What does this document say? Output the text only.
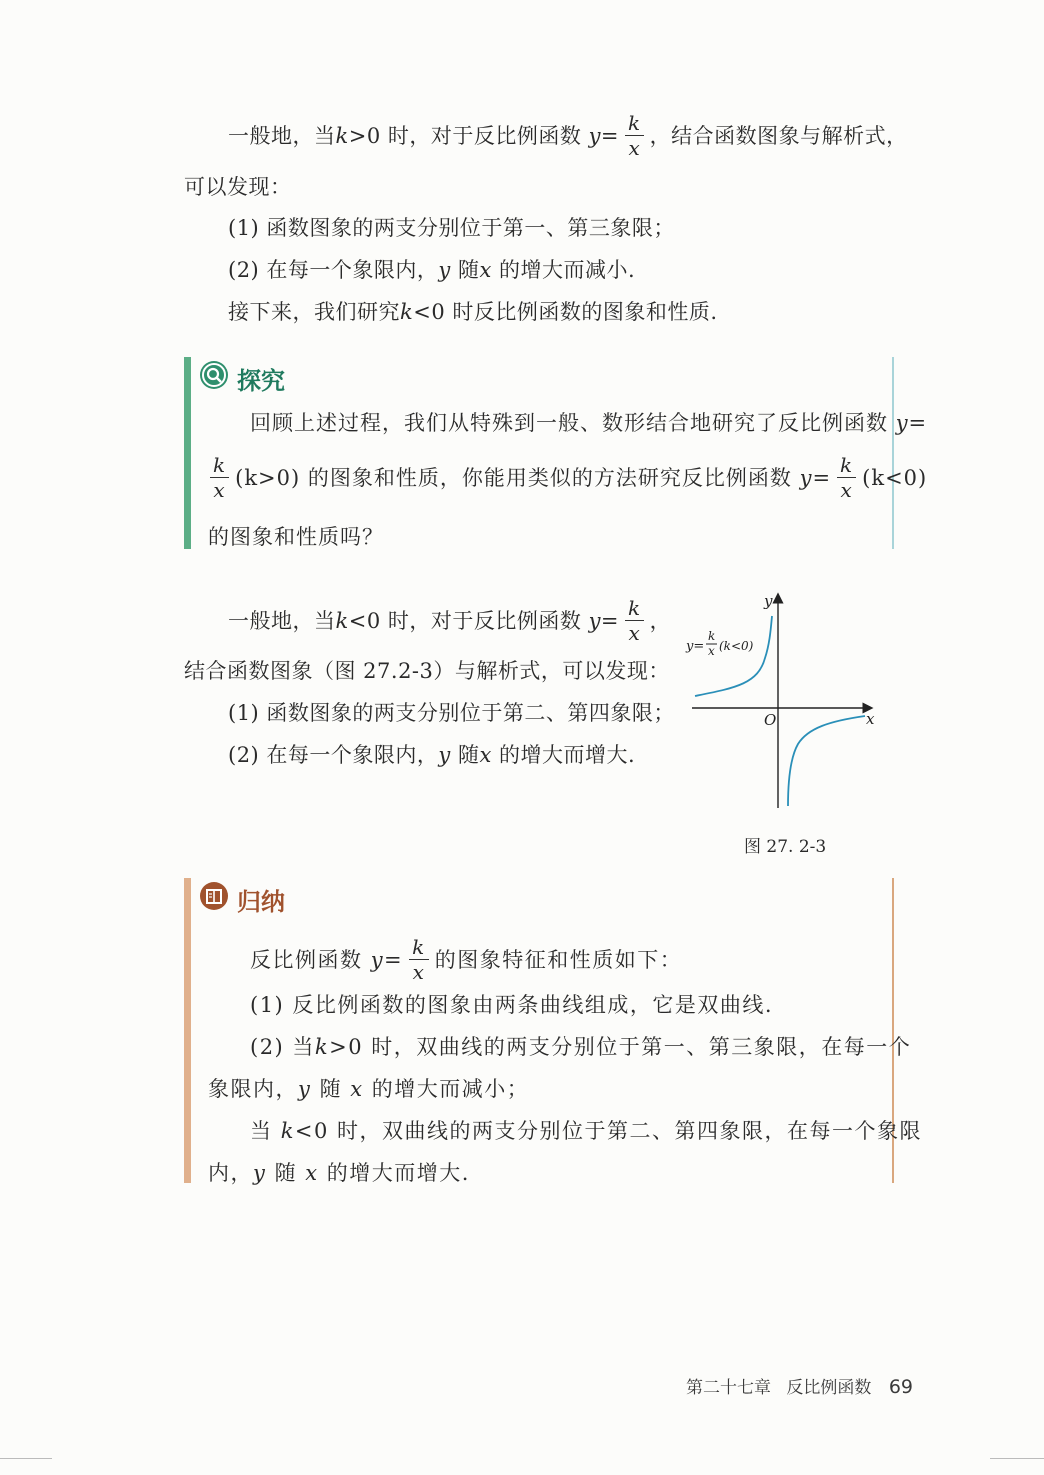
一般地，当k>0 时，对于反比例函数 $y= \frac{k}{x}$ ，结合函数图象与解析式，
可以发现：
(1) 函数图象的两支分别位于第一、第三象限；
(2) 在每一个象限内，y 随x 的增大而减小.
接下来，我们研究k<0 时反比例函数的图象和性质.
探究
回顾上述过程，我们从特殊到一般、数形结合地研究了反比例函数 y=
$\frac{k}{x} (k>0)$ 的图象和性质，你能用类似的方法研究反比例函数 $y= \frac{k}{x} (k<0)$
的图象和性质吗？
一般地，当k<0 时，对于反比例函数 $y= \frac{k}{x}$ ，
结合函数图象（图 27.2-3）与解析式，可以发现：
(1) 函数图象的两支分别位于第二、第四象限；
(2) 在每一个象限内，y 随x 的增大而增大.
y
x
O
y=
k
x (k<0)
图 27. 2-3
归纳
反比例函数 $y= \frac{k}{x}$ 的图象特征和性质如下：
(1) 反比例函数的图象由两条曲线组成，它是双曲线.
(2) 当k>0 时，双曲线的两支分别位于第一、第三象限，在每一个
象限内，y 随 x 的增大而减小；
当 k<0 时，双曲线的两支分别位于第二、第四象限，在每一个象限
内，y 随 x 的增大而增大.
第二十七章 反比例函数 69
